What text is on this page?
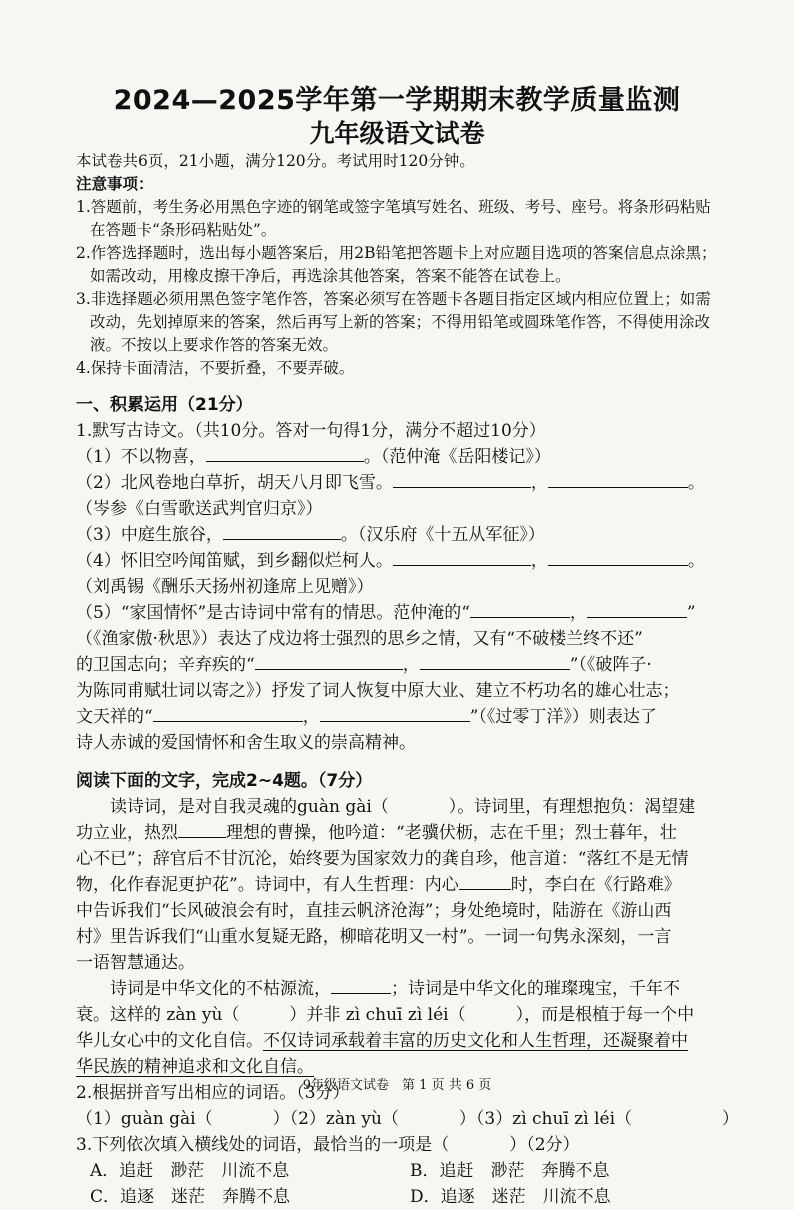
2024—2025学年第一学期期末教学质量监测
九年级语文试卷

本试卷共6页，21小题，满分120分。考试用时120分钟。

注意事项：

1.答题前，考生务必用黑色字迹的钢笔或签字笔填写姓名、班级、考号、座号。将条形码粘贴

在答题卡“条形码粘贴处”。

2.作答选择题时，选出每小题答案后，用2B铅笔把答题卡上对应题目选项的答案信息点涂黑；

如需改动，用橡皮擦干净后，再选涂其他答案，答案不能答在试卷上。

3.非选择题必须用黑色签字笔作答，答案必须写在答题卡各题目指定区域内相应位置上；如需

改动，先划掉原来的答案，然后再写上新的答案；不得用铅笔或圆珠笔作答，不得使用涂改

液。不按以上要求作答的答案无效。

4.保持卡面清洁，不要折叠，不要弄破。

一、积累运用（21分）

1.默写古诗文。（共10分。答对一句得1分，满分不超过10分）

（1）不以物喜，	。（范仲淹《岳阳楼记》）

（2）北风卷地白草折，胡天八月即飞雪。	，	。

（岑参《白雪歌送武判官归京》）

（3）中庭生旅谷，	。（汉乐府《十五从军征》）

（4）怀旧空吟闻笛赋，到乡翻似烂柯人。	，	。

（刘禹锡《酬乐天扬州初逢席上见赠》）

（5）“家国情怀”是古诗词中常有的情思。范仲淹的“	，	”

（《渔家傲·秋思》）表达了戍边将士强烈的思乡之情，又有“不破楼兰终不还”

的卫国志向；辛弃疾的“	，	”（《破阵子·

为陈同甫赋壮词以寄之》）抒发了词人恢复中原大业、建立不朽功名的雄心壮志；

文天祥的“	，	”（《过零丁洋》）则表达了

诗人赤诚的爱国情怀和舍生取义的崇高精神。

阅读下面的文字，完成2~4题。（7分）

读诗词，是对自我灵魂的guàn gài（	）。诗词里，有理想抱负：渴望建

功立业，热烈	理想的曹操，他吟道：“老骥伏枥，志在千里；烈士暮年，壮

心不已”；辞官后不甘沉沦，始终要为国家效力的龚自珍，他言道：“落红不是无情

物，化作春泥更护花”。诗词中，有人生哲理：内心	时，李白在《行路难》

中告诉我们“长风破浪会有时，直挂云帆济沧海”；身处绝境时，陆游在《游山西

村》里告诉我们“山重水复疑无路，柳暗花明又一村”。一词一句隽永深刻，一言

一语智慧通达。

诗词是中华文化的不枯源流，	；诗词是中华文化的璀璨瑰宝，千年不

衰。这样的 zàn yù（	）并非 zì chuī zì léi（	），而是根植于每一个中

华儿女心中的文化自信。不仅诗词承载着丰富的历史文化和人生哲理，还凝聚着中

华民族的精神追求和文化自信。

2.根据拼音写出相应的词语。（3分）

（1）guàn gài（	）（2）zàn yù（	）（3）zì chuī zì léi（	）

3.下列依次填入横线处的词语，最恰当的一项是（	）（2分）

A．追赶　渺茫　川流不息	B．追赶　渺茫　奔腾不息

C．追逐　迷茫　奔腾不息	D．追逐　迷茫　川流不息

9年级语文试卷　第 1 页 共 6 页
